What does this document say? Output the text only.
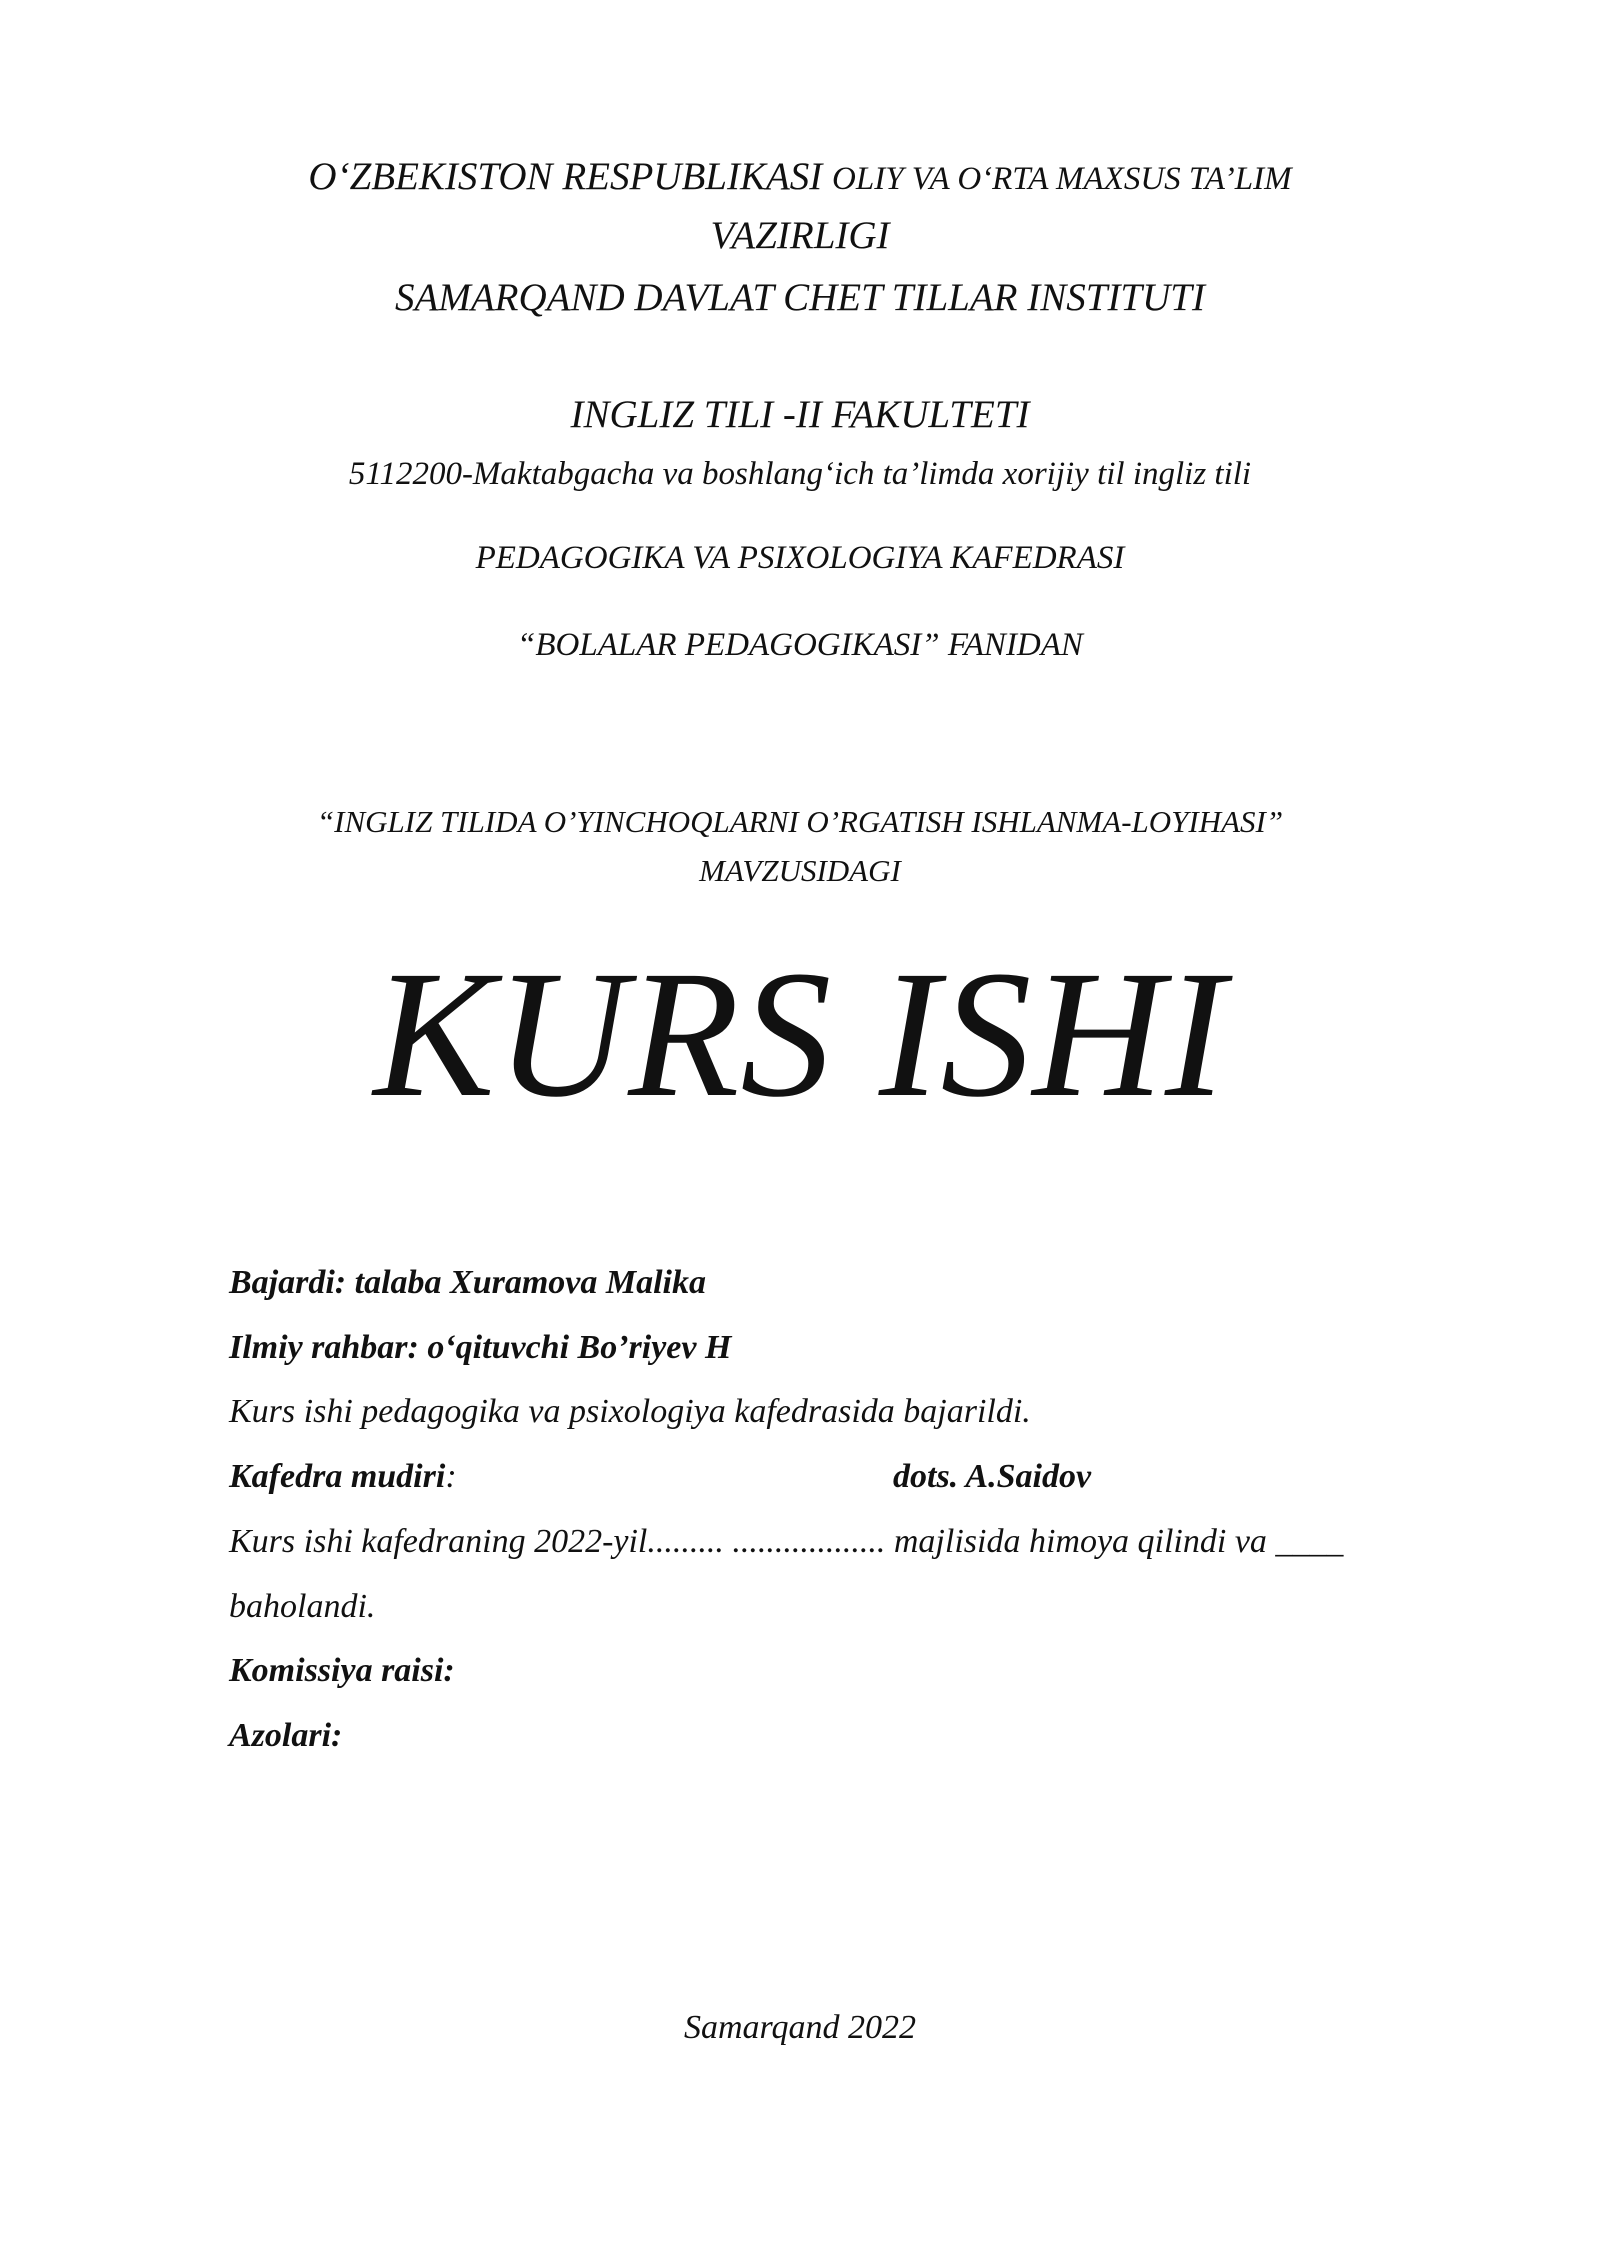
O‘ZBEKISTON RESPUBLIKASI OLIY VA O‘RTA MAXSUS TA’LIM
VAZIRLIGI
SAMARQAND DAVLAT CHET TILLAR INSTITUTI
INGLIZ TILI -II FAKULTETI
5112200-Maktabgacha va boshlang‘ich ta’limda xorijiy til ingliz tili
PEDAGOGIKA VA PSIXOLOGIYA KAFEDRASI
“BOLALAR PEDAGOGIKASI” FANIDAN
“INGLIZ TILIDA O’YINCHOQLARNI O’RGATISH ISHLANMA-LOYIHASI”
MAVZUSIDAGI
KURS ISHI
Bajardi: talaba Xuramova Malika
Ilmiy rahbar: o‘qituvchi Bo’riyev H
Kurs ishi pedagogika va psixologiya kafedrasida bajarildi.
Kafedra mudiri:	dots. A.Saidov
Kurs ishi kafedraning 2022-yil......... .................. majlisida himoya qilindi va ____
baholandi.
Komissiya raisi:
Azolari:
Samarqand 2022
